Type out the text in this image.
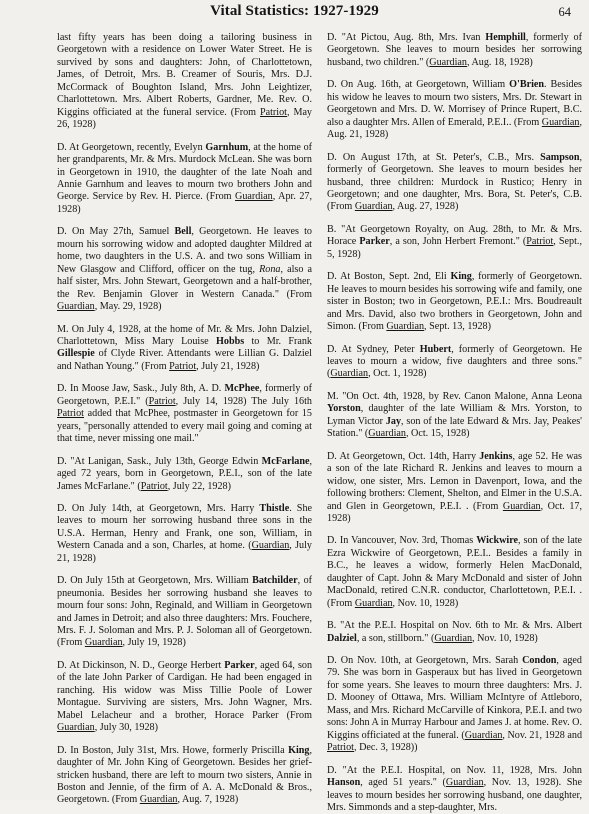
Vital Statistics: 1927-1929	64

last fifty years has been doing a tailoring business in Georgetown with a residence on Lower Water Street. He is survived by sons and daughters: John, of Charlottetown, James, of Detroit, Mrs. B. Creamer of Souris, Mrs. D.J. McCormack of Boughton Island, Mrs. John Leightizer, Charlottetown. Mrs. Albert Roberts, Gardner, Me. Rev. O. Kiggins officiated at the funeral service. (From Patriot, May 26, 1928)

D. At Georgetown, recently, Evelyn Garnhum, at the home of her grandparents, Mr. & Mrs. Murdock McLean. She was born in Georgetown in 1910, the daughter of the late Noah and Annie Garnhum and leaves to mourn two brothers John and George. Service by Rev. H. Pierce. (From Guardian, Apr. 27, 1928)

D. On May 27th, Samuel Bell, Georgetown. He leaves to mourn his sorrowing widow and adopted daughter Mildred at home, two daughters in the U.S. A. and two sons William in New Glasgow and Clifford, officer on the tug, Rona, also a half sister, Mrs. John Stewart, Georgetown and a half-brother, the Rev. Benjamin Glover in Western Canada." (From Guardian, May. 29, 1928)

M. On July 4, 1928, at the home of Mr. & Mrs. John Dalziel, Charlottetown, Miss Mary Louise Hobbs to Mr. Frank Gillespie of Clyde River. Attendants were Lillian G. Dalziel and Nathan Young." (From Patriot, July 21, 1928)

D. In Moose Jaw, Sask., July 8th, A. D. McPhee, formerly of Georgetown, P.E.I." (Patriot, July 14, 1928) The July 16th Patriot added that McPhee, postmaster in Georgetown for 15 years, "personally attended to every mail going and coming at that time, never missing one mail."

D. "At Lanigan, Sask., July 13th, George Edwin McFarlane, aged 72 years, born in Georgetown, P.E.I., son of the late James McFarlane." (Patriot, July 22, 1928)

D. On July 14th, at Georgetown, Mrs. Harry Thistle. She leaves to mourn her sorrowing husband three sons in the U.S.A. Herman, Henry and Frank, one son, William, in Western Canada and a son, Charles, at home. (Guardian, July 21, 1928)

D. On July 15th at Georgetown, Mrs. William Batchilder, of pneumonia. Besides her sorrowing husband she leaves to mourn four sons: John, Reginald, and William in Georgetown and James in Detroit; and also three daughters: Mrs. Fouchere, Mrs. F. J. Soloman and Mrs. P. J. Soloman all of Georgetown. (From Guardian, July 19, 1928)

D. At Dickinson, N. D., George Herbert Parker, aged 64, son of the late John Parker of Cardigan. He had been engaged in ranching. His widow was Miss Tillie Poole of Lower Montague. Surviving are sisters, Mrs. John Wagner, Mrs. Mabel Lelacheur and a brother, Horace Parker (From Guardian, July 30, 1928)

D. In Boston, July 31st, Mrs. Howe, formerly Priscilla King, daughter of Mr. John King of Georgetown. Besides her grief-stricken husband, there are left to mourn two sisters, Annie in Boston and Jennie, of the firm of A. A. McDonald & Bros., Georgetown. (From Guardian, Aug. 7, 1928)

D. "At Pictou, Aug. 8th, Mrs. Ivan Hemphill, formerly of Georgetown. She leaves to mourn besides her sorrowing husband, two children." (Guardian, Aug. 18, 1928)

D. On Aug. 16th, at Georgetown, William O'Brien. Besides his widow he leaves to mourn two sisters, Mrs. Dr. Stewart in Georgetown and Mrs. D. W. Morrisey of Prince Rupert, B.C. also a daughter Mrs. Allen of Emerald, P.E.I.. (From Guardian, Aug. 21, 1928)

D. On August 17th, at St. Peter's, C.B., Mrs. Sampson, formerly of Georgetown. She leaves to mourn besides her husband, three children: Murdock in Rustico; Henry in Georgetown; and one daughter, Mrs. Bora, St. Peter's, C.B. (From Guardian, Aug. 27, 1928)

B. "At Georgetown Royalty, on Aug. 28th, to Mr. & Mrs. Horace Parker, a son, John Herbert Fremont." (Patriot, Sept., 5, 1928)

D. At Boston, Sept. 2nd, Eli King, formerly of Georgetown. He leaves to mourn besides his sorrowing wife and family, one sister in Boston; two in Georgetown, P.E.I.: Mrs. Boudreault and Mrs. David, also two brothers in Georgetown, John and Simon. (From Guardian, Sept. 13, 1928)

D. At Sydney, Peter Hubert, formerly of Georgetown. He leaves to mourn a widow, five daughters and three sons." (Guardian, Oct. 1, 1928)

M. "On Oct. 4th, 1928, by Rev. Canon Malone, Anna Leona Yorston, daughter of the late William & Mrs. Yorston, to Lyman Victor Jay, son of the late Edward & Mrs. Jay, Peakes' Station." (Guardian, Oct. 15, 1928)

D. At Georgetown, Oct. 14th, Harry Jenkins, age 52. He was a son of the late Richard R. Jenkins and leaves to mourn a widow, one sister, Mrs. Lemon in Davenport, Iowa, and the following brothers: Clement, Shelton, and Elmer in the U.S.A. and Glen in Georgetown, P.E.I. . (From Guardian, Oct. 17, 1928)

D. In Vancouver, Nov. 3rd, Thomas Wickwire, son of the late Ezra Wickwire of Georgetown, P.E.I.. Besides a family in B.C., he leaves a widow, formerly Helen MacDonald, daughter of Capt. John & Mary McDonald and sister of John MacDonald, retired C.N.R. conductor, Charlottetown, P.E.I. . (From Guardian, Nov. 10, 1928)

B. "At the P.E.I. Hospital on Nov. 6th to Mr. & Mrs. Albert Dalziel, a son, stillborn." (Guardian, Nov. 10, 1928)

D. On Nov. 10th, at Georgetown, Mrs. Sarah Condon, aged 79. She was born in Gasperaux but has lived in Georgetown for some years. She leaves to mourn three daughters: Mrs. J. D. Mooney of Ottawa, Mrs. William McIntyre of Attleboro, Mass, and Mrs. Richard McCarville of Kinkora, P.E.I. and two sons: John A in Murray Harbour and James J. at home. Rev. O. Kiggins officiated at the funeral. (Guardian, Nov. 21, 1928 and Patriot, Dec. 3, 1928))

D. "At the P.E.I. Hospital, on Nov. 11, 1928, Mrs. John Hanson, aged 51 years." (Guardian, Nov. 13, 1928). She leaves to mourn besides her sorrowing husband, one daughter, Mrs. Simmonds and a step-daughter, Mrs.
